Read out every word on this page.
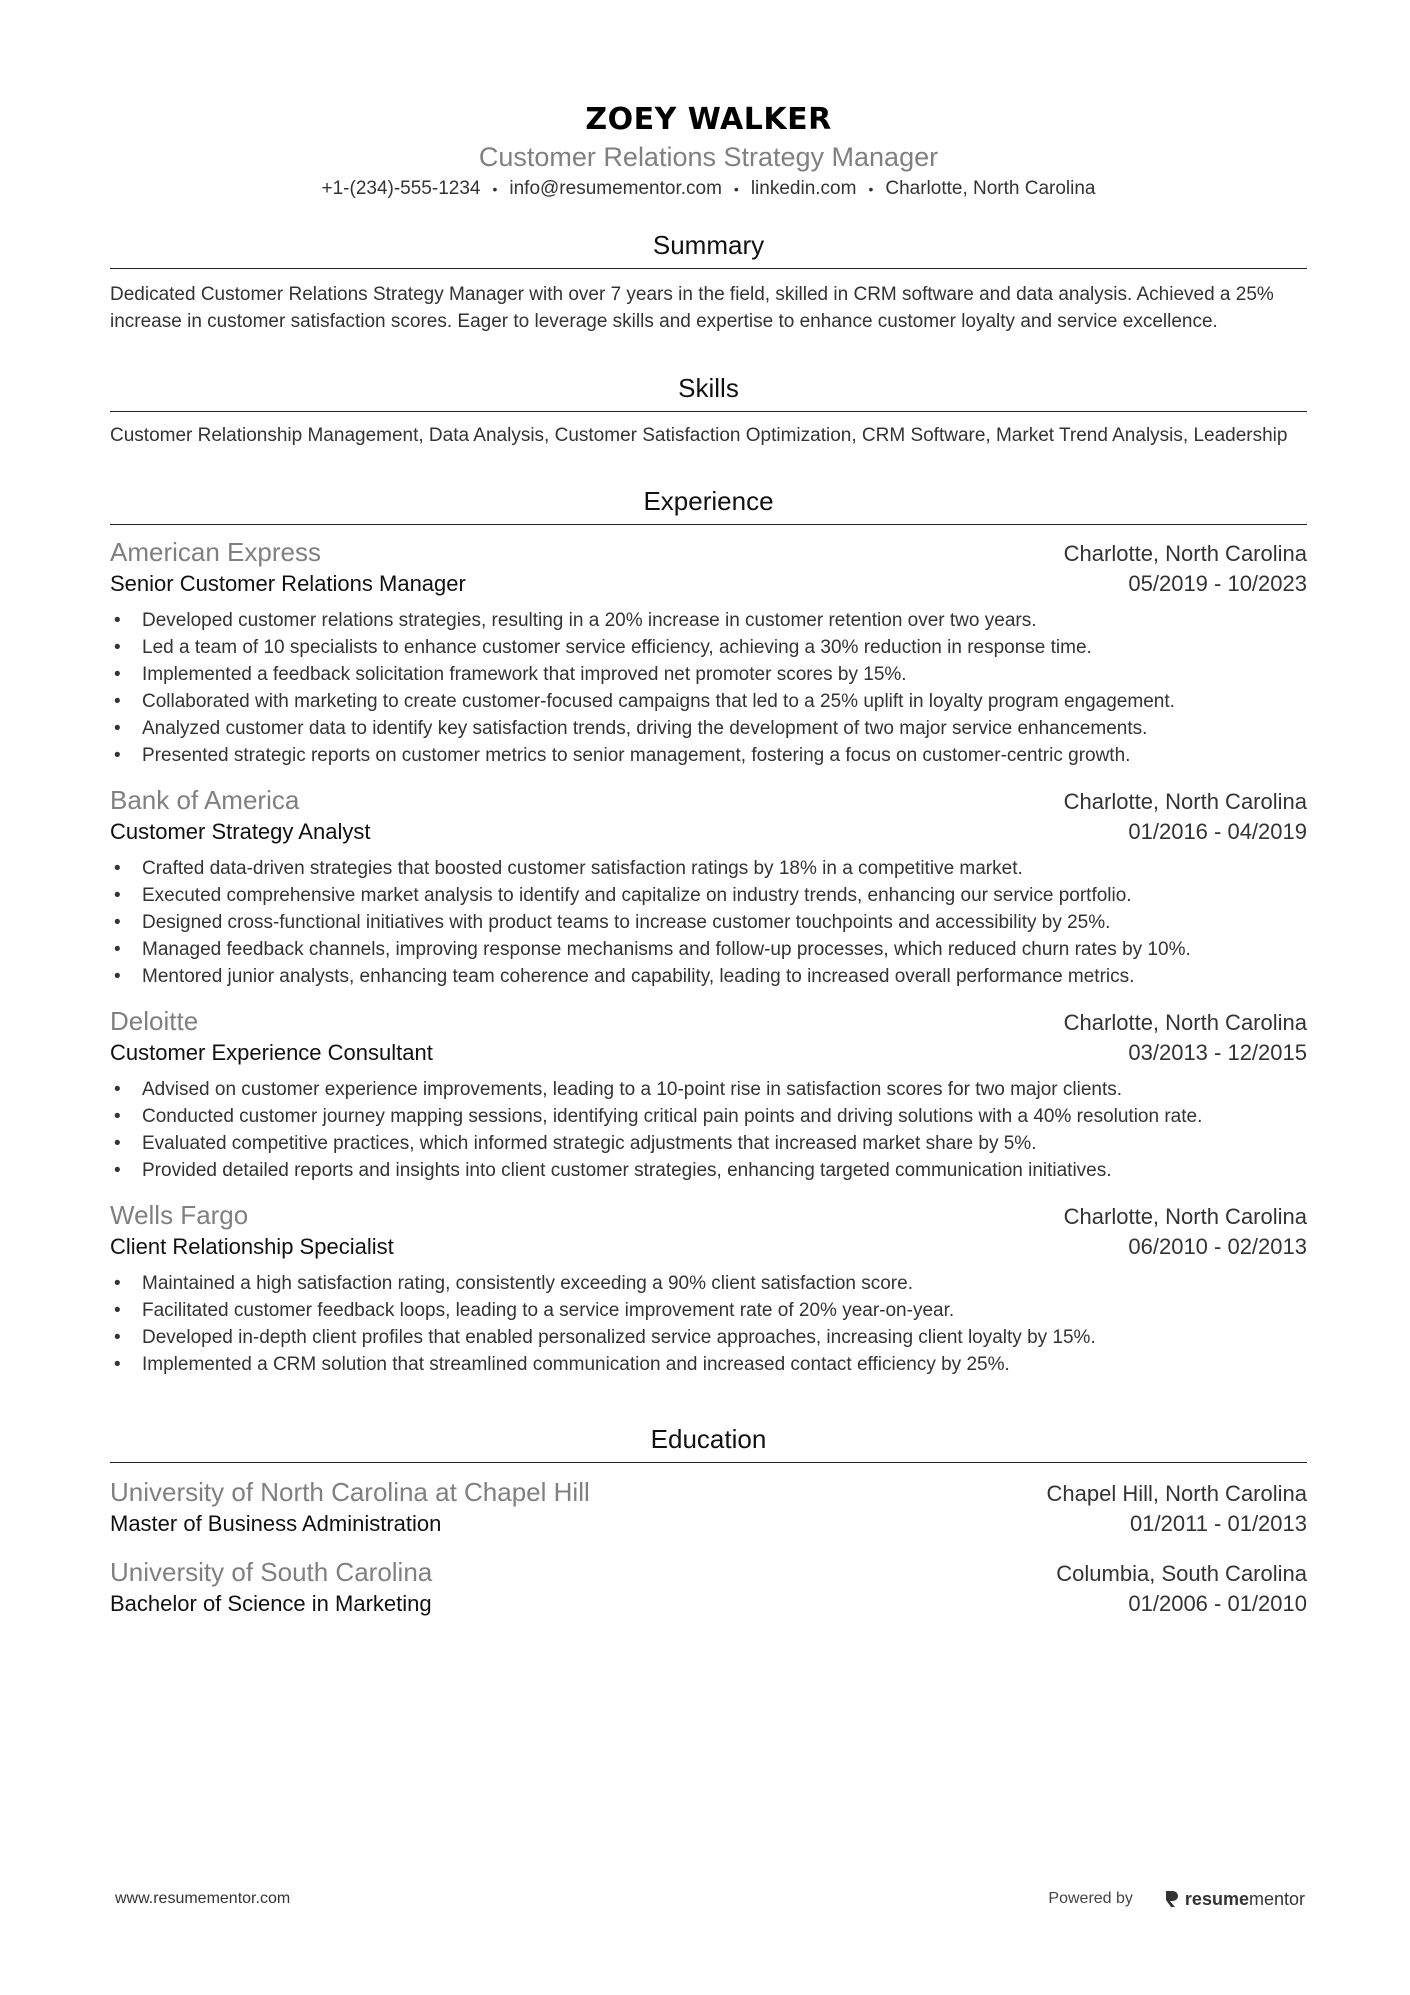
ZOEY WALKER
Customer Relations Strategy Manager
+1-(234)-555-1234 • info@resumementor.com • linkedin.com • Charlotte, North Carolina
Summary
Dedicated Customer Relations Strategy Manager with over 7 years in the field, skilled in CRM software and data analysis. Achieved a 25% increase in customer satisfaction scores. Eager to leverage skills and expertise to enhance customer loyalty and service excellence.
Skills
Customer Relationship Management, Data Analysis, Customer Satisfaction Optimization, CRM Software, Market Trend Analysis, Leadership
Experience
American Express	Charlotte, North Carolina
Senior Customer Relations Manager	05/2019 - 10/2023
• Developed customer relations strategies, resulting in a 20% increase in customer retention over two years.
• Led a team of 10 specialists to enhance customer service efficiency, achieving a 30% reduction in response time.
• Implemented a feedback solicitation framework that improved net promoter scores by 15%.
• Collaborated with marketing to create customer-focused campaigns that led to a 25% uplift in loyalty program engagement.
• Analyzed customer data to identify key satisfaction trends, driving the development of two major service enhancements.
• Presented strategic reports on customer metrics to senior management, fostering a focus on customer-centric growth.
Bank of America	Charlotte, North Carolina
Customer Strategy Analyst	01/2016 - 04/2019
• Crafted data-driven strategies that boosted customer satisfaction ratings by 18% in a competitive market.
• Executed comprehensive market analysis to identify and capitalize on industry trends, enhancing our service portfolio.
• Designed cross-functional initiatives with product teams to increase customer touchpoints and accessibility by 25%.
• Managed feedback channels, improving response mechanisms and follow-up processes, which reduced churn rates by 10%.
• Mentored junior analysts, enhancing team coherence and capability, leading to increased overall performance metrics.
Deloitte	Charlotte, North Carolina
Customer Experience Consultant	03/2013 - 12/2015
• Advised on customer experience improvements, leading to a 10-point rise in satisfaction scores for two major clients.
• Conducted customer journey mapping sessions, identifying critical pain points and driving solutions with a 40% resolution rate.
• Evaluated competitive practices, which informed strategic adjustments that increased market share by 5%.
• Provided detailed reports and insights into client customer strategies, enhancing targeted communication initiatives.
Wells Fargo	Charlotte, North Carolina
Client Relationship Specialist	06/2010 - 02/2013
• Maintained a high satisfaction rating, consistently exceeding a 90% client satisfaction score.
• Facilitated customer feedback loops, leading to a service improvement rate of 20% year-on-year.
• Developed in-depth client profiles that enabled personalized service approaches, increasing client loyalty by 15%.
• Implemented a CRM solution that streamlined communication and increased contact efficiency by 25%.
Education
University of North Carolina at Chapel Hill	Chapel Hill, North Carolina
Master of Business Administration	01/2011 - 01/2013
University of South Carolina	Columbia, South Carolina
Bachelor of Science in Marketing	01/2006 - 01/2010
www.resumementor.com	Powered by	resume mentor
